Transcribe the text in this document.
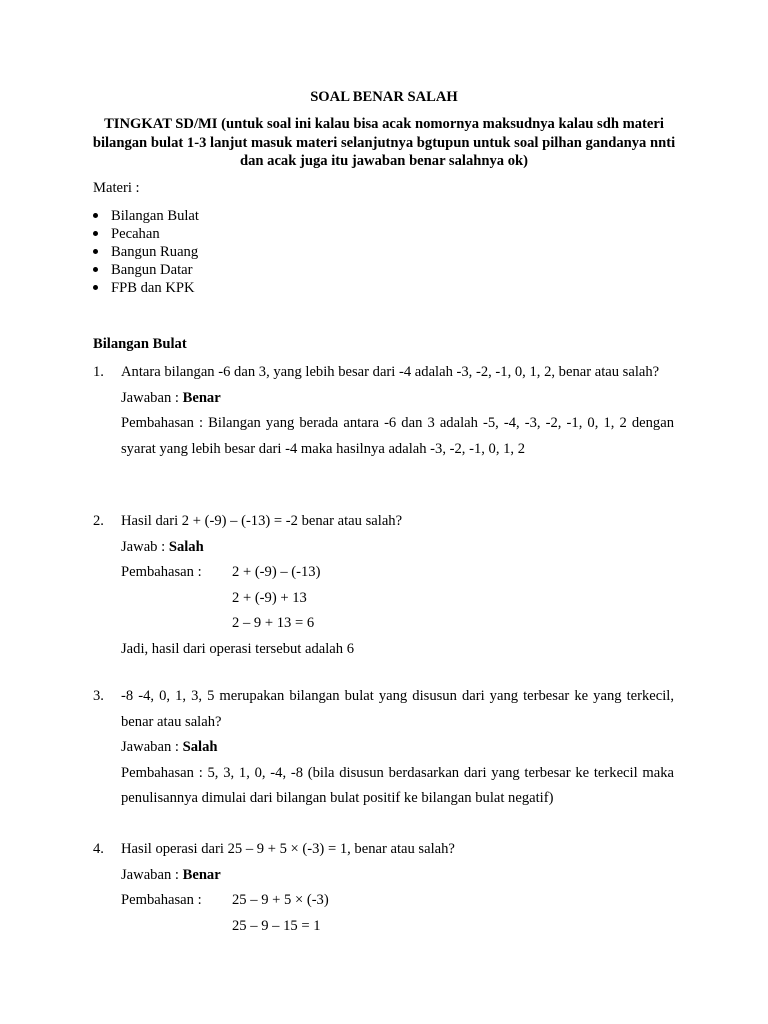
SOAL BENAR SALAH
TINGKAT SD/MI (untuk soal ini kalau bisa acak nomornya maksudnya kalau sdh materi bilangan bulat 1-3 lanjut masuk materi selanjutnya bgtupun untuk soal pilhan gandanya nnti dan acak juga itu jawaban benar salahnya ok)
Materi :
Bilangan Bulat
Pecahan
Bangun Ruang
Bangun Datar
FPB dan KPK
Bilangan Bulat
1. Antara bilangan -6 dan 3, yang lebih besar dari -4 adalah -3, -2, -1, 0, 1, 2, benar atau salah?
Jawaban : Benar
Pembahasan : Bilangan yang berada antara -6 dan 3 adalah -5, -4, -3, -2, -1, 0, 1, 2 dengan syarat yang lebih besar dari -4 maka hasilnya adalah -3, -2, -1, 0, 1, 2
2. Hasil dari 2 + (-9) – (-13) = -2 benar atau salah?
Jawab : Salah
Pembahasan :	2 + (-9) – (-13)
2 + (-9) + 13
2 – 9 + 13 = 6
Jadi, hasil dari operasi tersebut adalah 6
3. -8 -4, 0, 1, 3, 5 merupakan bilangan bulat yang disusun dari yang terbesar ke yang terkecil, benar atau salah?
Jawaban : Salah
Pembahasan : 5, 3, 1, 0, -4, -8 (bila disusun berdasarkan dari yang terbesar ke terkecil maka penulisannya dimulai dari bilangan bulat positif ke bilangan bulat negatif)
4. Hasil operasi dari 25 – 9 + 5 × (-3) = 1, benar atau salah?
Jawaban : Benar
Pembahasan :	25 – 9 + 5 × (-3)
25 – 9 – 15 = 1
